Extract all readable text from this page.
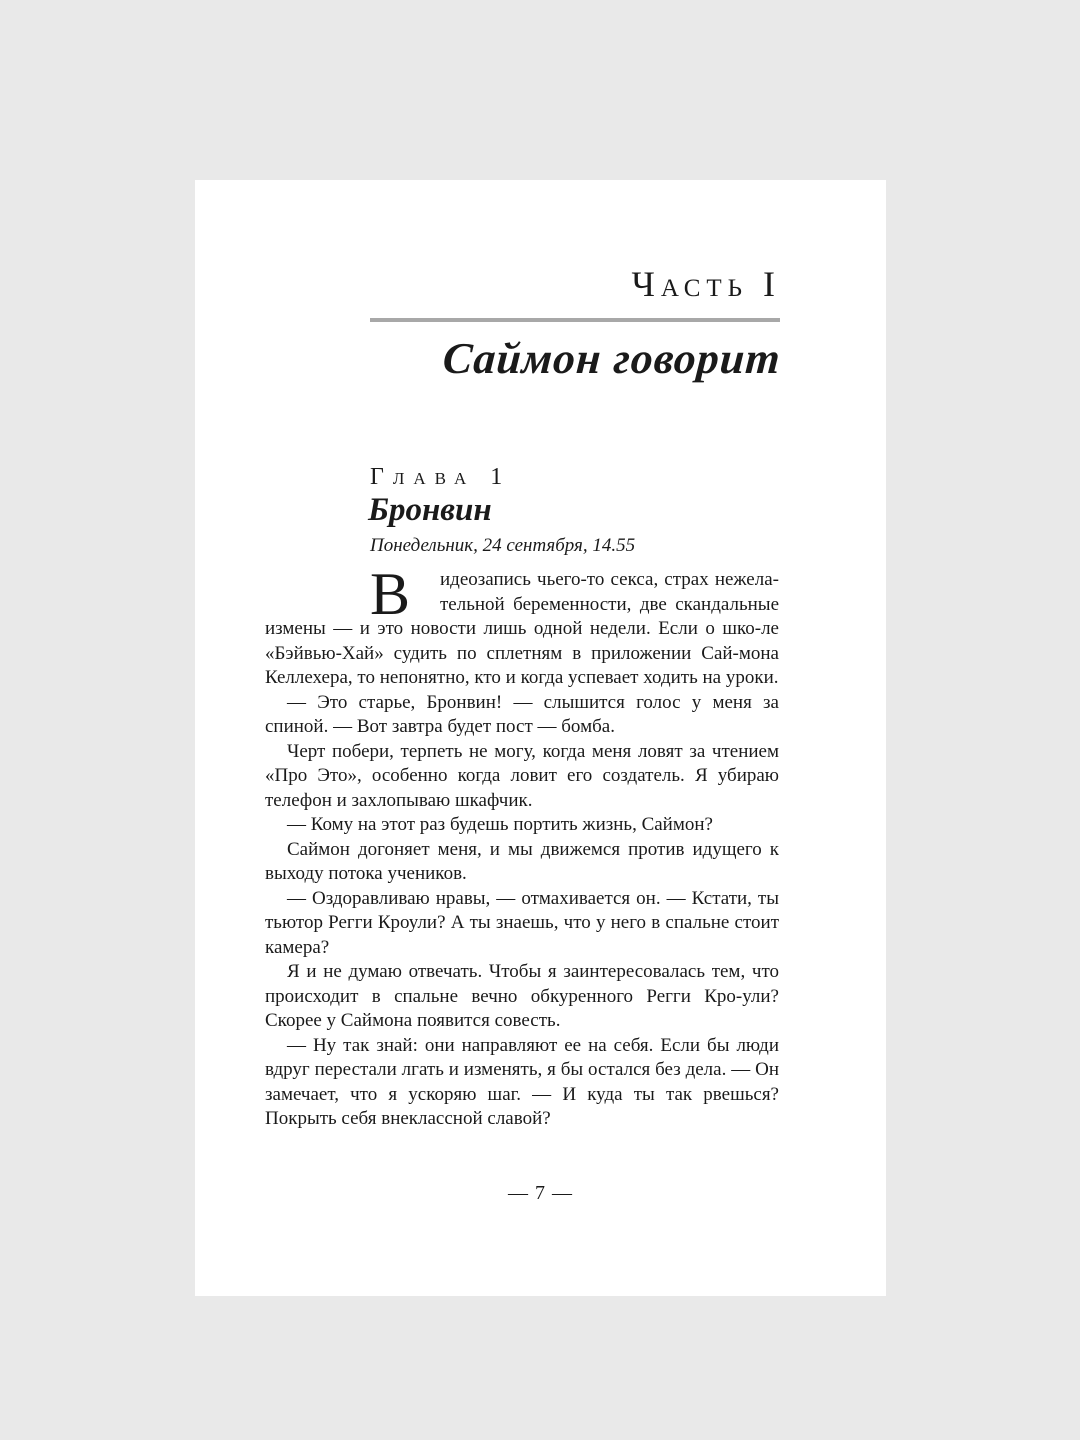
Часть I
Саймон говорит
Глава 1
Бронвин
Понедельник, 24 сентября, 14.55
В	идеозапись чьего-то секса, страх нежела-
тельной беременности, две скандальные

измены — и это новости лишь одной недели. Если о шко-ле «Бэйвью-Хай» судить по сплетням в приложении Сай-мона Келлехера, то непонятно, кто и когда успевает ходить на уроки.

— Это старье, Бронвин! — слышится голос у меня за спиной. — Вот завтра будет пост — бомба.

Черт побери, терпеть не могу, когда меня ловят за чтением «Про Это», особенно когда ловит его создатель. Я убираю телефон и захлопываю шкафчик.

— Кому на этот раз будешь портить жизнь, Саймон?

Саймон догоняет меня, и мы движемся против идущего к выходу потока учеников.

— Оздоравливаю нравы, — отмахивается он. — Кстати, ты тьютор Регги Кроули? А ты знаешь, что у него в спальне стоит камера?

Я и не думаю отвечать. Чтобы я заинтересовалась тем, что происходит в спальне вечно обкуренного Регги Кро-ули? Скорее у Саймона появится совесть.

— Ну так знай: они направляют ее на себя. Если бы люди вдруг перестали лгать и изменять, я бы остался без дела. — Он замечает, что я ускоряю шаг. — И куда ты так рвешься? Покрыть себя внеклассной славой?

— 7 —
